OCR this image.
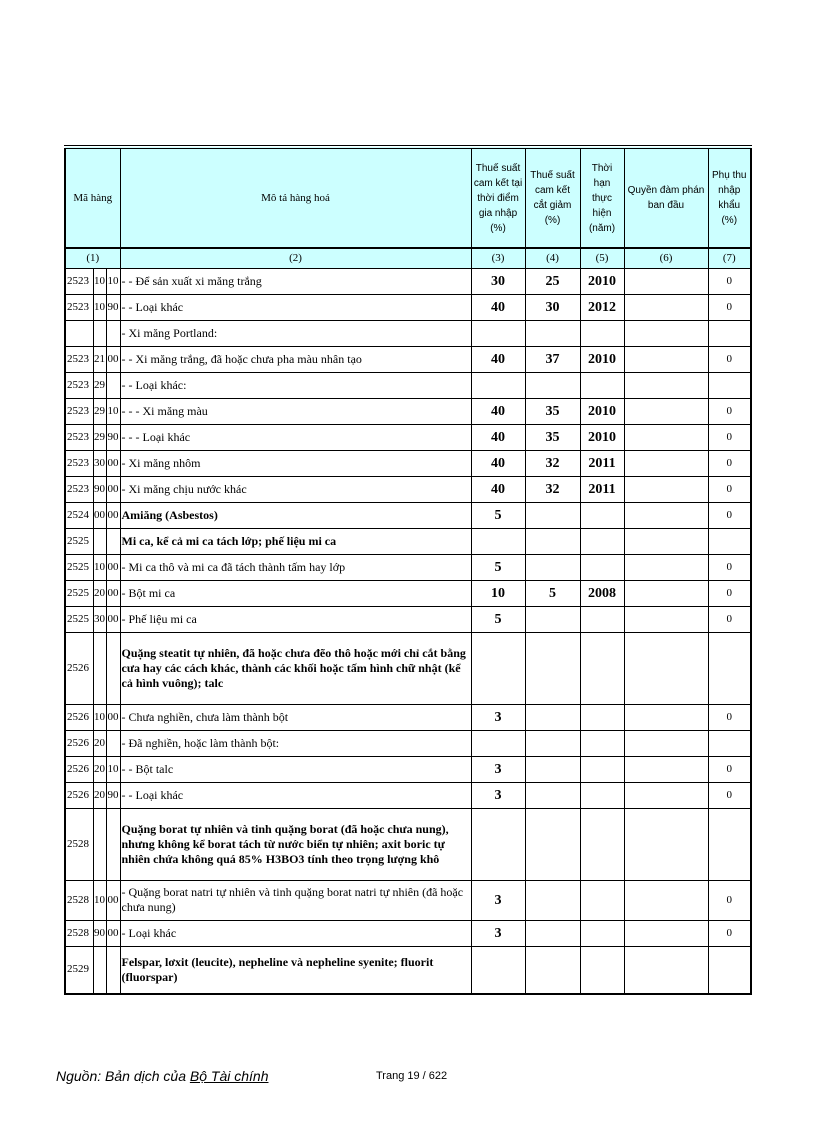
Mã hàng			Mô tả hàng hoá	Thuế suất cam kết tại thời điểm gia nhập (%)	Thuế suất cam kết cắt giảm (%)	Thời hạn thực hiện (năm)	Quyền đàm phán ban đầu	Phụ thu nhập khẩu (%)
(1)			(2)	(3)	(4)	(5)	(6)	(7)
2523	10	10	- - Để sản xuất xi măng trắng	30	25	2010		0
2523	10	90	- - Loại khác	40	30	2012		0
			- Xi măng Portland:					
2523	21	00	- - Xi măng trắng, đã hoặc chưa pha màu nhân tạo	40	37	2010		0
2523	29		- - Loại khác:					
2523	29	10	- - - Xi măng màu	40	35	2010		0
2523	29	90	- - - Loại khác	40	35	2010		0
2523	30	00	- Xi măng nhôm	40	32	2011		0
2523	90	00	- Xi măng chịu nước khác	40	32	2011		0
2524	00	00	Amiăng (Asbestos)	5				0
2525			Mi ca, kể cả mi ca tách lớp; phế liệu mi ca					
2525	10	00	- Mi ca thô và mi ca đã tách thành tấm hay lớp	5				0
2525	20	00	- Bột mi ca	10	5	2008		0
2525	30	00	- Phế liệu mi ca	5				0
2526			Quặng steatit tự nhiên, đã hoặc chưa đẽo thô hoặc mới chỉ cắt bằng cưa hay các cách khác, thành các khối hoặc tấm hình chữ nhật (kể cả hình vuông); talc					
2526	10	00	- Chưa nghiền, chưa làm thành bột	3				0
2526	20		- Đã nghiền, hoặc làm thành bột:					
2526	20	10	- - Bột talc	3				0
2526	20	90	- - Loại khác	3				0
2528			Quặng borat tự nhiên và tinh quặng borat (đã hoặc chưa nung), nhưng không kể borat tách từ nước biển tự nhiên; axit boric tự nhiên chứa không quá 85% H3BO3 tính theo trọng lượng khô					
2528	10	00	- Quặng borat natri tự nhiên và tinh quặng borat natri tự nhiên (đã hoặc chưa nung)	3				0
2528	90	00	- Loại khác	3				0
2529			Felspar, lơxit (leucite), nepheline và nepheline syenite; fluorit (fluorspar)					
Nguồn: Bản dịch của Bộ Tài chính	Trang 19 / 622
